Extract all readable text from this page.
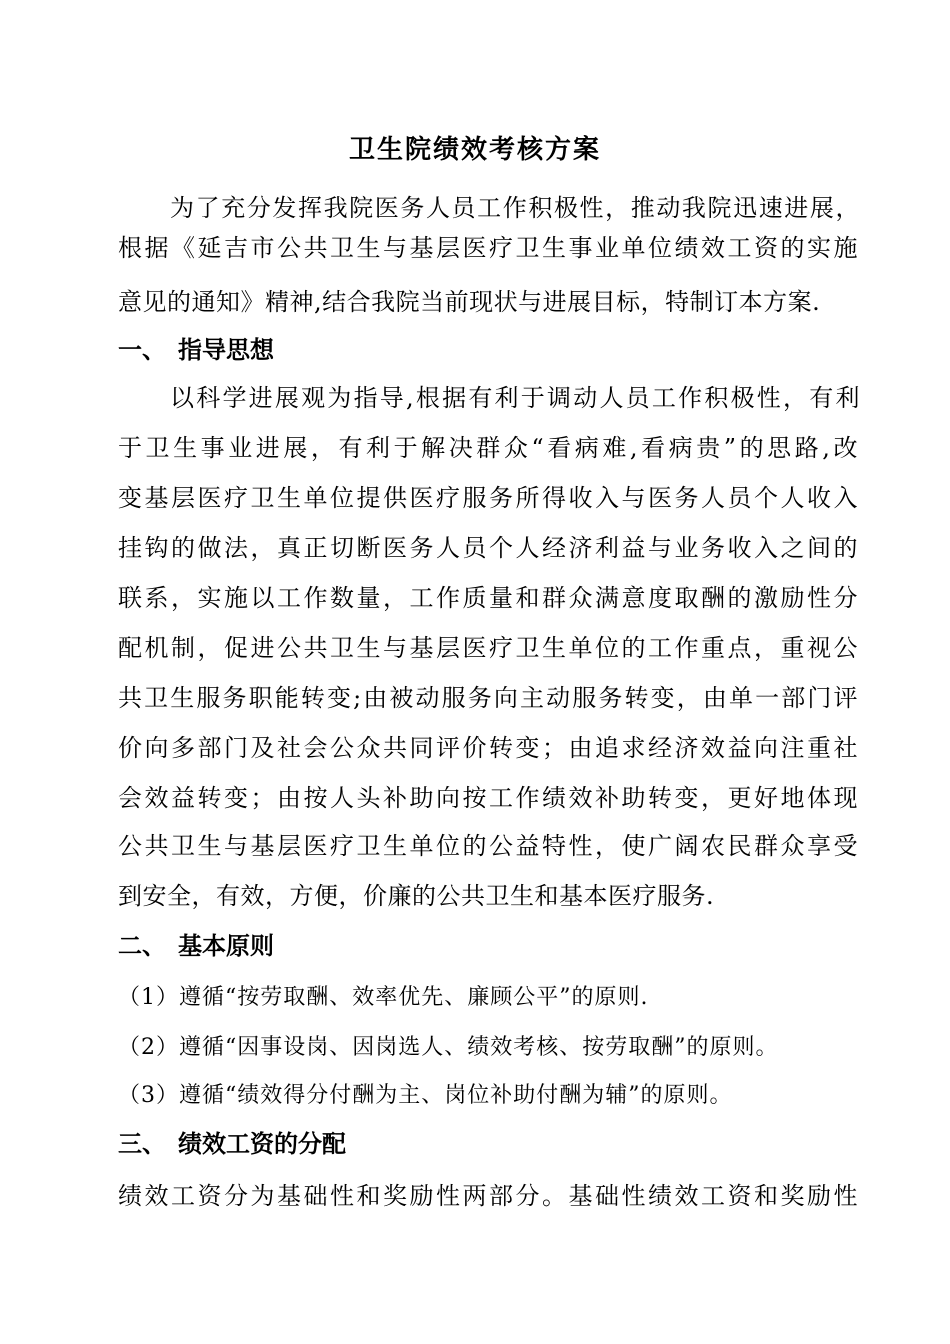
卫生院绩效考核方案
为了充分发挥我院医务人员工作积极性，推动我院迅速进展，
根据《延吉市公共卫生与基层医疗卫生事业单位绩效工资的实施
意见的通知》精神,结合我院当前现状与进展目标，特制订本方案.
一、 指导思想
以科学进展观为指导,根据有利于调动人员工作积极性，有利
于卫生事业进展，有利于解决群众“看病难,看病贵”的思路,改
变基层医疗卫生单位提供医疗服务所得收入与医务人员个人收入
挂钩的做法，真正切断医务人员个人经济利益与业务收入之间的
联系，实施以工作数量，工作质量和群众满意度取酬的激励性分
配机制，促进公共卫生与基层医疗卫生单位的工作重点，重视公
共卫生服务职能转变;由被动服务向主动服务转变，由单一部门评
价向多部门及社会公众共同评价转变；由追求经济效益向注重社
会效益转变；由按人头补助向按工作绩效补助转变，更好地体现
公共卫生与基层医疗卫生单位的公益特性，使广阔农民群众享受
到安全，有效，方便，价廉的公共卫生和基本医疗服务.
二、 基本原则
（1）遵循“按劳取酬、效率优先、廉顾公平”的原则.
（2）遵循“因事设岗、因岗选人、绩效考核、按劳取酬”的原则。
（3）遵循“绩效得分付酬为主、岗位补助付酬为辅”的原则。
三、 绩效工资的分配
绩效工资分为基础性和奖励性两部分。基础性绩效工资和奖励性
